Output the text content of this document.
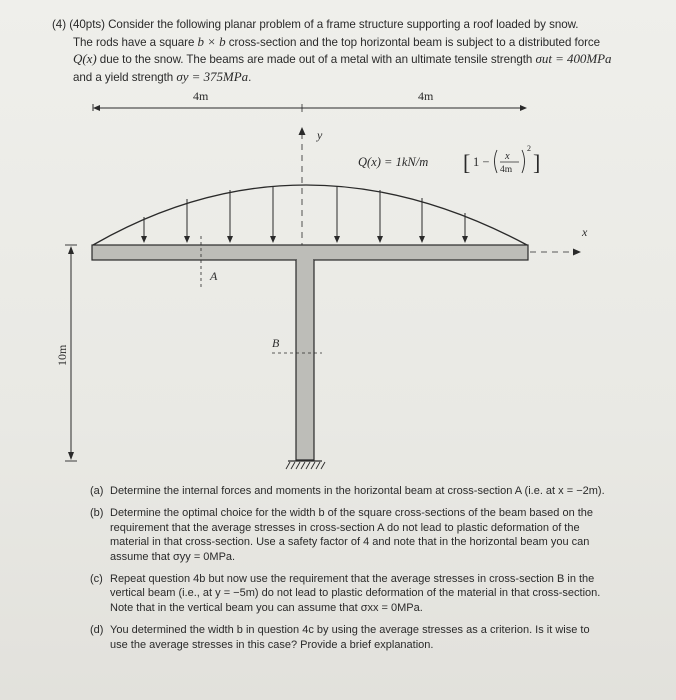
(4) (40pts) Consider the following planar problem of a frame structure supporting a roof loaded by snow.
The rods have a square b × b cross-section and the top horizontal beam is subject to a distributed force Q(x) due to the snow. The beams are made out of a metal with an ultimate tensile strength σut = 400MPa and a yield strength σy = 375MPa.
4m	4m
y
Q(x) = 1kN/m [ 1 − x
4m
2
]
x
A
B
10m
(a) Determine the internal forces and moments in the horizontal beam at cross-section A (i.e. at x = −2m).
(b) Determine the optimal choice for the width b of the square cross-sections of the beam based on the requirement that the average stresses in cross-section A do not lead to plastic deformation of the material in that cross-section. Use a safety factor of 4 and note that in the horizontal beam you can assume that σyy = 0MPa.
(c) Repeat question 4b but now use the requirement that the average stresses in cross-section B in the vertical beam (i.e., at y = −5m) do not lead to plastic deformation of the material in that cross-section. Note that in the vertical beam you can assume that σxx = 0MPa.
(d) You determined the width b in question 4c by using the average stresses as a criterion. Is it wise to use the average stresses in this case? Provide a brief explanation.
